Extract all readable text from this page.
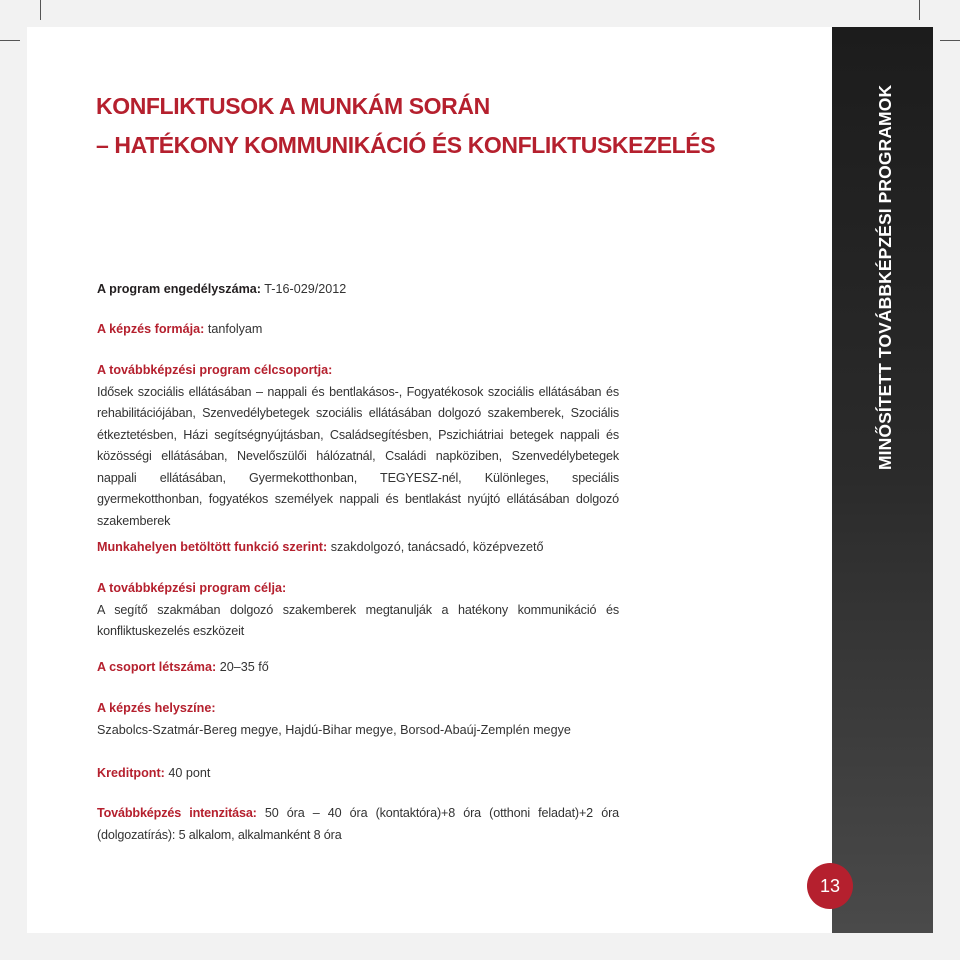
MINŐSÍTETT TOVÁBBKÉPZÉSI PROGRAMOK
KONFLIKTUSOK A MUNKÁM SORÁN
– HATÉKONY KOMMUNIKÁCIÓ ÉS KONFLIKTUSKEZELÉS
A program engedélyszáma: T-16-029/2012
A képzés formája: tanfolyam
A továbbképzési program célcsoportja:
Idősek szociális ellátásában – nappali és bentlakásos-, Fogyatékosok szociális ellátásában és rehabilitációjában, Szenvedélybetegek szociális ellátásában dolgozó szakemberek, Szociális étkeztetésben, Házi segítségnyújtásban, Családsegítésben, Pszichiátriai betegek nappali és közösségi ellátásában, Nevelőszülői hálózatnál, Családi napköziben, Szenvedélybetegek nappali ellátásában, Gyermekotthonban, TEGYESZ-nél, Különleges, speciális gyermekotthonban, fogyatékos személyek nappali és bentlakást nyújtó ellátásában dolgozó szakemberek
Munkahelyen betöltött funkció szerint: szakdolgozó, tanácsadó, középvezető
A továbbképzési program célja:
A segítő szakmában dolgozó szakemberek megtanulják a hatékony kommunikáció és konfliktuskezelés eszközeit
A csoport létszáma: 20–35 fő
A képzés helyszíne:
Szabolcs-Szatmár-Bereg megye, Hajdú-Bihar megye, Borsod-Abaúj-Zemplén megye
Kreditpont: 40 pont
Továbbképzés intenzitása: 50 óra – 40 óra (kontaktóra)+8 óra (otthoni feladat)+2 óra (dolgozatírás): 5 alkalom, alkalmanként 8 óra
13
